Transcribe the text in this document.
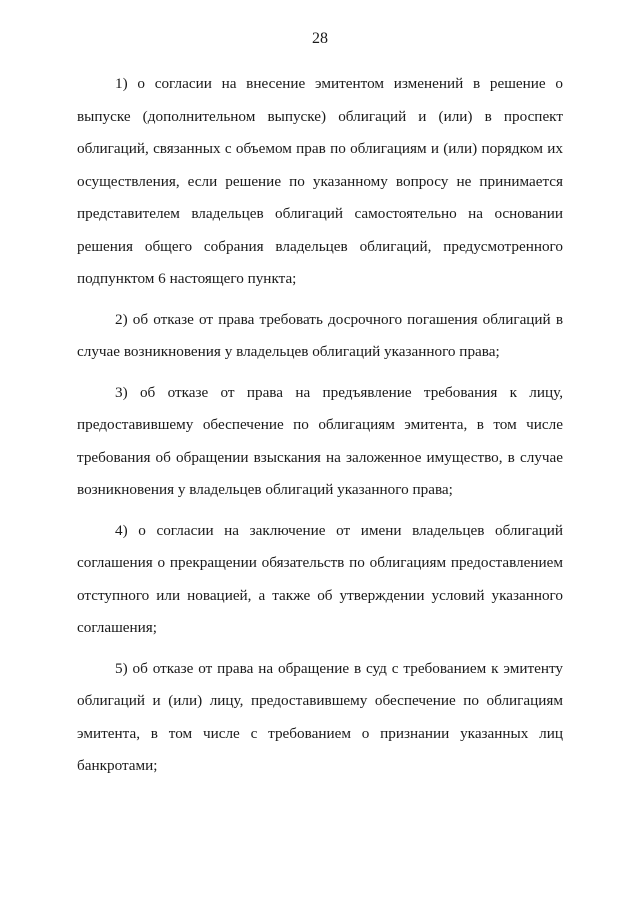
28

1) о согласии на внесение эмитентом изменений в решение о выпуске (дополнительном выпуске) облигаций и (или) в проспект облигаций, связанных с объемом прав по облигациям и (или) порядком их осуществления, если решение по указанному вопросу не принимается представителем владельцев облигаций самостоятельно на основании решения общего собрания владельцев облигаций, предусмотренного подпунктом 6 настоящего пункта;

2) об отказе от права требовать досрочного погашения облигаций в случае возникновения у владельцев облигаций указанного права;

3) об отказе от права на предъявление требования к лицу, предоставившему обеспечение по облигациям эмитента, в том числе требования об обращении взыскания на заложенное имущество, в случае возникновения у владельцев облигаций указанного права;

4) о согласии на заключение от имени владельцев облигаций соглашения о прекращении обязательств по облигациям предоставлением отступного или новацией, а также об утверждении условий указанного соглашения;

5) об отказе от права на обращение в суд с требованием к эмитенту облигаций и (или) лицу, предоставившему обеспечение по облигациям эмитента, в том числе с требованием о признании указанных лиц банкротами;
